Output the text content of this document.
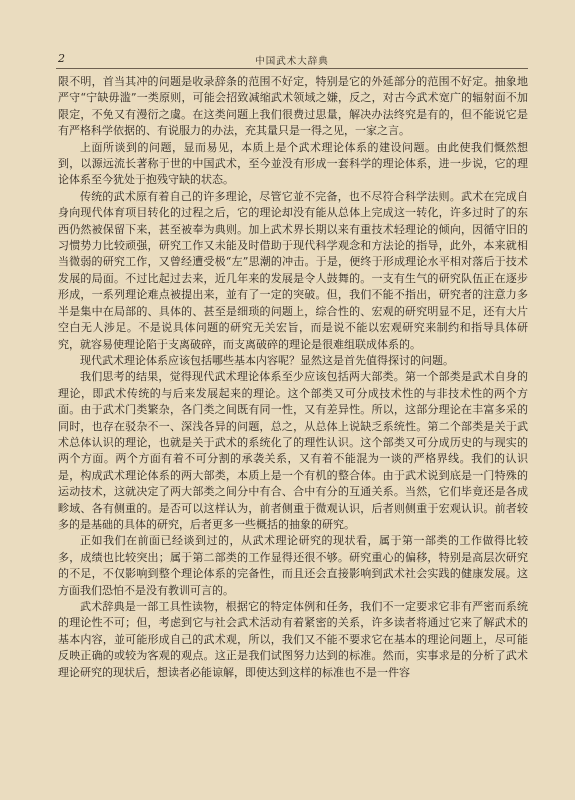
2	中国武术大辞典

限不明，首当其冲的问题是收录辞条的范围不好定，特别是它的外延部分的范围不好定。抽象地严守“宁缺毋滥”一类原则，可能会招致减缩武术领域之嫌，反之，对古今武术宽广的辐射面不加限定，不免又有漫衍之虞。在这类问题上我们很费过思量，解决办法终究是有的，但不能说它是有严格科学依据的、有说服力的办法，充其量只是一得之见，一家之言。

上面所谈到的问题，显而易见，本质上是个武术理论体系的建设问题。由此使我们慨然想到，以源远流长著称于世的中国武术，至今並没有形成一套科学的理论体系，进一步说，它的理论体系至今犹处于抱残守缺的状态。

传统的武术原有着自己的许多理论，尽管它並不完备，也不尽符合科学法则。武术在完成自身向现代体育项目转化的过程之后，它的理论却没有能从总体上完成这一转化，许多过时了的东西仍然被保留下来，甚至被奉为典则。加上武术界长期以来有重技术轻理论的倾向，因循守旧的习惯势力比较顽强，研究工作又未能及时借助于现代科学观念和方法论的指导，此外，本来就相当微弱的研究工作，又曾经遭受极“左”思潮的冲击。于是，便终于形成理论水平相对落后于技术发展的局面。不过比起过去来，近几年来的发展是令人鼓舞的。一支有生气的研究队伍正在逐步形成，一系列理论难点被提出来，並有了一定的突破。但，我们不能不指出，研究者的注意力多半是集中在局部的、具体的、甚至是细琐的问题上，综合性的、宏观的研究明显不足，还有大片空白无人涉足。不是说具体问题的研究无关宏旨，而是说不能以宏观研究来制约和指导具体研究，就容易使理论陷于支离破碎，而支离破碎的理论是很难组联成体系的。

现代武术理论体系应该包括哪些基本内容呢？显然这是首先值得探讨的问题。

我们思考的结果，觉得现代武术理论体系至少应该包括两大部类。第一个部类是武术自身的理论，即武术传统的与后来发展起来的理论。这个部类又可分成技术性的与非技术性的两个方面。由于武术门类繁杂，各门类之间既有同一性，又有差异性。所以，这部分理论在丰富多采的同时，也存在驳杂不一、深浅各异的问题，总之，从总体上说缺乏系统性。第二个部类是关于武术总体认识的理论，也就是关于武术的系统化了的理性认识。这个部类又可分成历史的与现实的两个方面。两个方面有着不可分割的承袭关系，又有着不能混为一谈的严格界线。我们的认识是，构成武术理论体系的两大部类，本质上是一个有机的整合体。由于武术说到底是一门特殊的运动技术，这就决定了两大部类之间分中有合、合中有分的互通关系。当然，它们毕竟还是各成畛域、各有侧重的。是否可以这样认为，前者侧重于微观认识，后者则侧重于宏观认识。前者较多的是基础的具体的研究，后者更多一些概括的抽象的研究。

正如我们在前面已经谈到过的，从武术理论研究的现状看，属于第一部类的工作做得比较多，成绩也比较突出；属于第二部类的工作显得还很不够。研究重心的偏移，特别是高层次研究的不足，不仅影响到整个理论体系的完备性，而且还会直接影响到武术社会实践的健康发展。这方面我们恐怕不是没有教训可言的。

武术辞典是一部工具性读物，根据它的特定体例和任务，我们不一定要求它非有严密而系统的理论性不可；但，考虑到它与社会武术活动有着紧密的关系，许多读者将通过它来了解武术的基本内容，並可能形成自己的武术观，所以，我们又不能不要求它在基本的理论问题上，尽可能反映正确的或较为客观的观点。这正是我们试图努力达到的标准。然而，实事求是的分析了武术理论研究的现状后，想读者必能谅解，即使达到这样的标准也不是一件容
